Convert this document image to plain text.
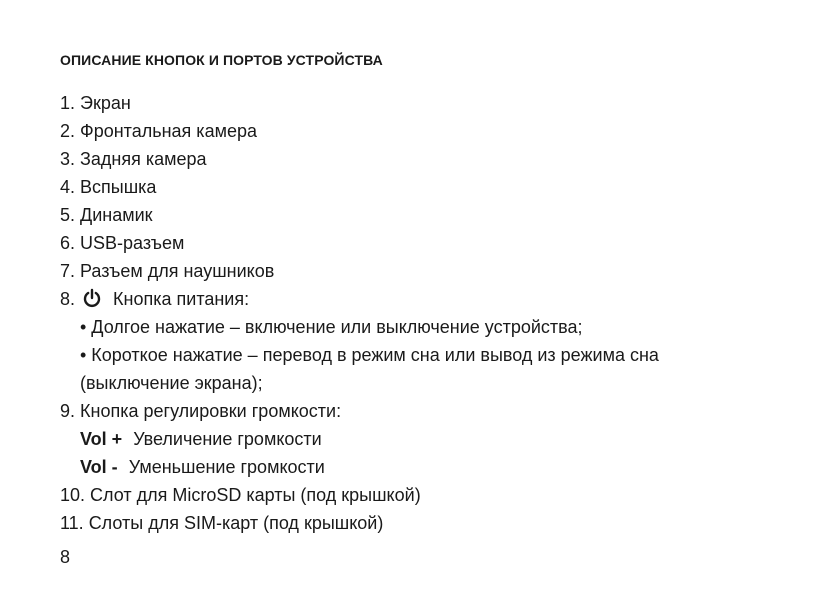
ОПИСАНИЕ КНОПОК И ПОРТОВ УСТРОЙСТВА
1. Экран
2. Фронтальная камера
3. Задняя камера
4. Вспышка
5. Динамик
6. USB-разъем
7. Разъем для наушников
8. Кнопка питания:
• Долгое нажатие – включение или выключение устройства;
• Короткое нажатие – перевод в режим сна или вывод из режима сна
(выключение экрана);
9. Кнопка регулировки громкости:
Vol + Увеличение громкости
Vol - Уменьшение громкости
10. Слот для MicroSD карты (под крышкой)
11. Слоты для SIM-карт (под крышкой)
8
